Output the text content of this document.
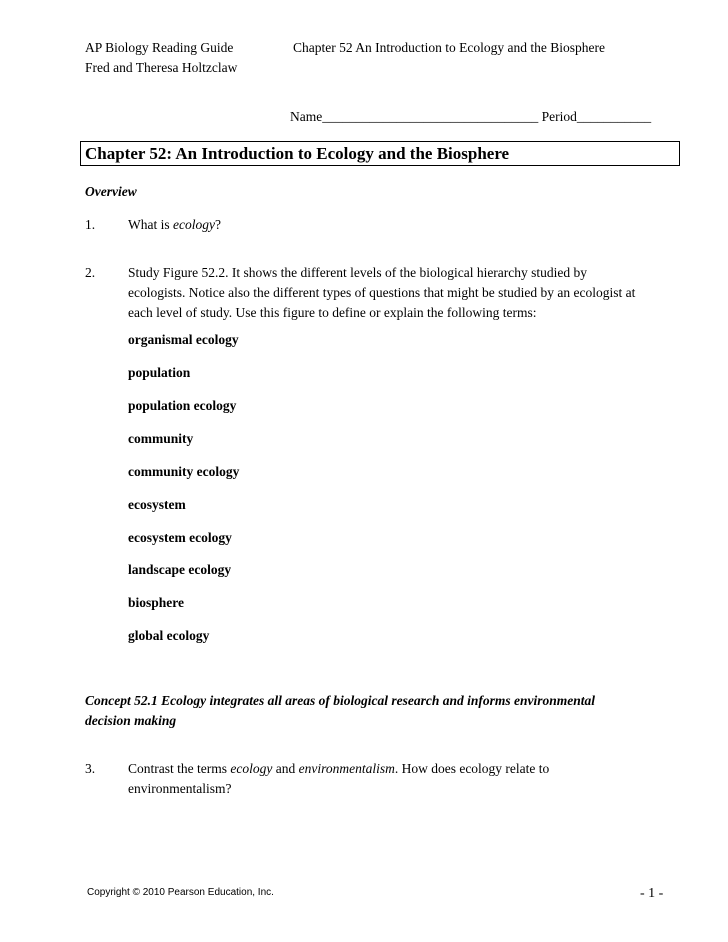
AP Biology Reading Guide
Fred and Theresa Holtzclaw
Chapter 52 An Introduction to Ecology and the Biosphere
Name________________________________ Period___________
Chapter 52: An Introduction to Ecology and the Biosphere
Overview
1. What is ecology?
2. Study Figure 52.2. It shows the different levels of the biological hierarchy studied by
ecologists. Notice also the different types of questions that might be studied by an ecologist at
each level of study. Use this figure to define or explain the following terms:
organismal ecology
population
population ecology
community
community ecology
ecosystem
ecosystem ecology
landscape ecology
biosphere
global ecology
Concept 52.1 Ecology integrates all areas of biological research and informs environmental
decision making
3. Contrast the terms ecology and environmentalism. How does ecology relate to
environmentalism?
Copyright © 2010 Pearson Education, Inc.	- 1 -
